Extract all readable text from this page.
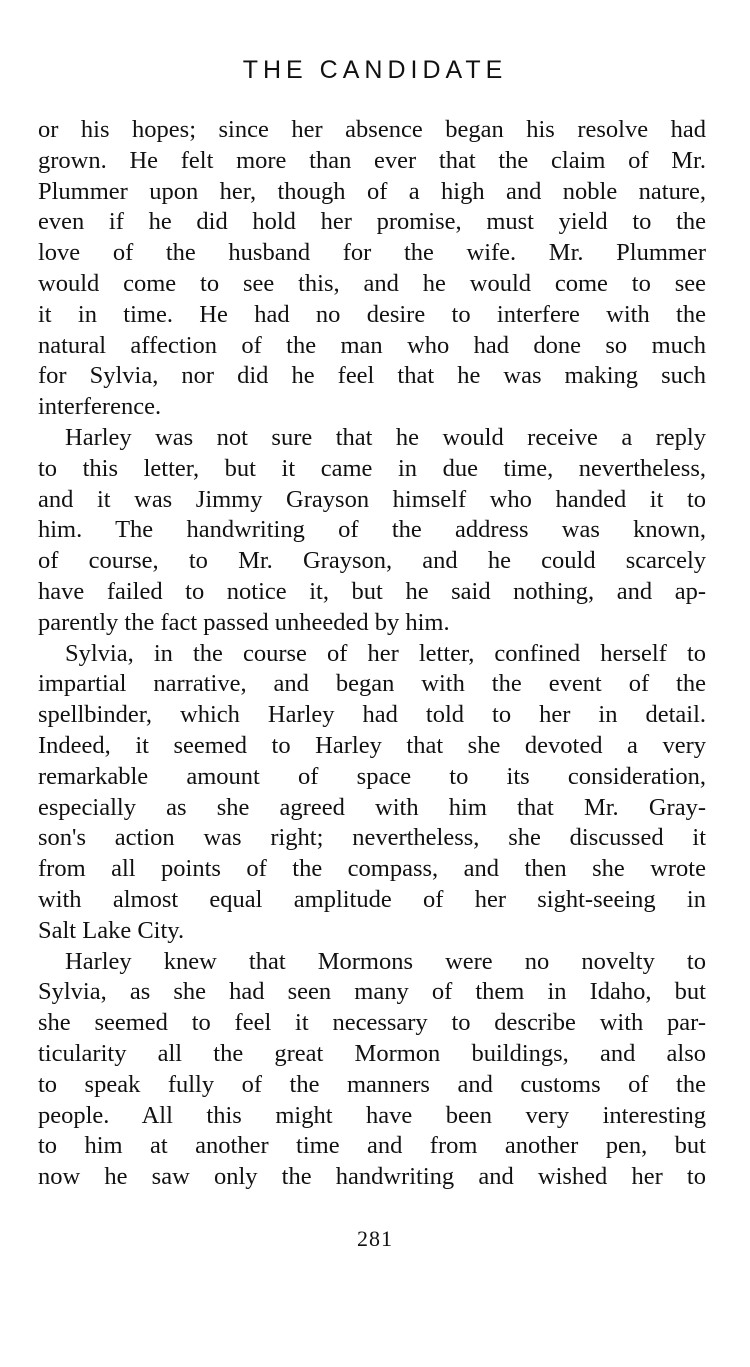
THE CANDIDATE
or his hopes; since her absence began his resolve had
grown. He felt more than ever that the claim of Mr.
Plummer upon her, though of a high and noble nature,
even if he did hold her promise, must yield to the
love of the husband for the wife. Mr. Plummer
would come to see this, and he would come to see
it in time. He had no desire to interfere with the
natural affection of the man who had done so much
for Sylvia, nor did he feel that he was making such
interference.
Harley was not sure that he would receive a reply
to this letter, but it came in due time, nevertheless,
and it was Jimmy Grayson himself who handed it to
him. The handwriting of the address was known,
of course, to Mr. Grayson, and he could scarcely
have failed to notice it, but he said nothing, and ap-
parently the fact passed unheeded by him.
Sylvia, in the course of her letter, confined herself to
impartial narrative, and began with the event of the
spellbinder, which Harley had told to her in detail.
Indeed, it seemed to Harley that she devoted a very
remarkable amount of space to its consideration,
especially as she agreed with him that Mr. Gray-
son's action was right; nevertheless, she discussed it
from all points of the compass, and then she wrote
with almost equal amplitude of her sight-seeing in
Salt Lake City.
Harley knew that Mormons were no novelty to
Sylvia, as she had seen many of them in Idaho, but
she seemed to feel it necessary to describe with par-
ticularity all the great Mormon buildings, and also
to speak fully of the manners and customs of the
people. All this might have been very interesting
to him at another time and from another pen, but
now he saw only the handwriting and wished her to
281
